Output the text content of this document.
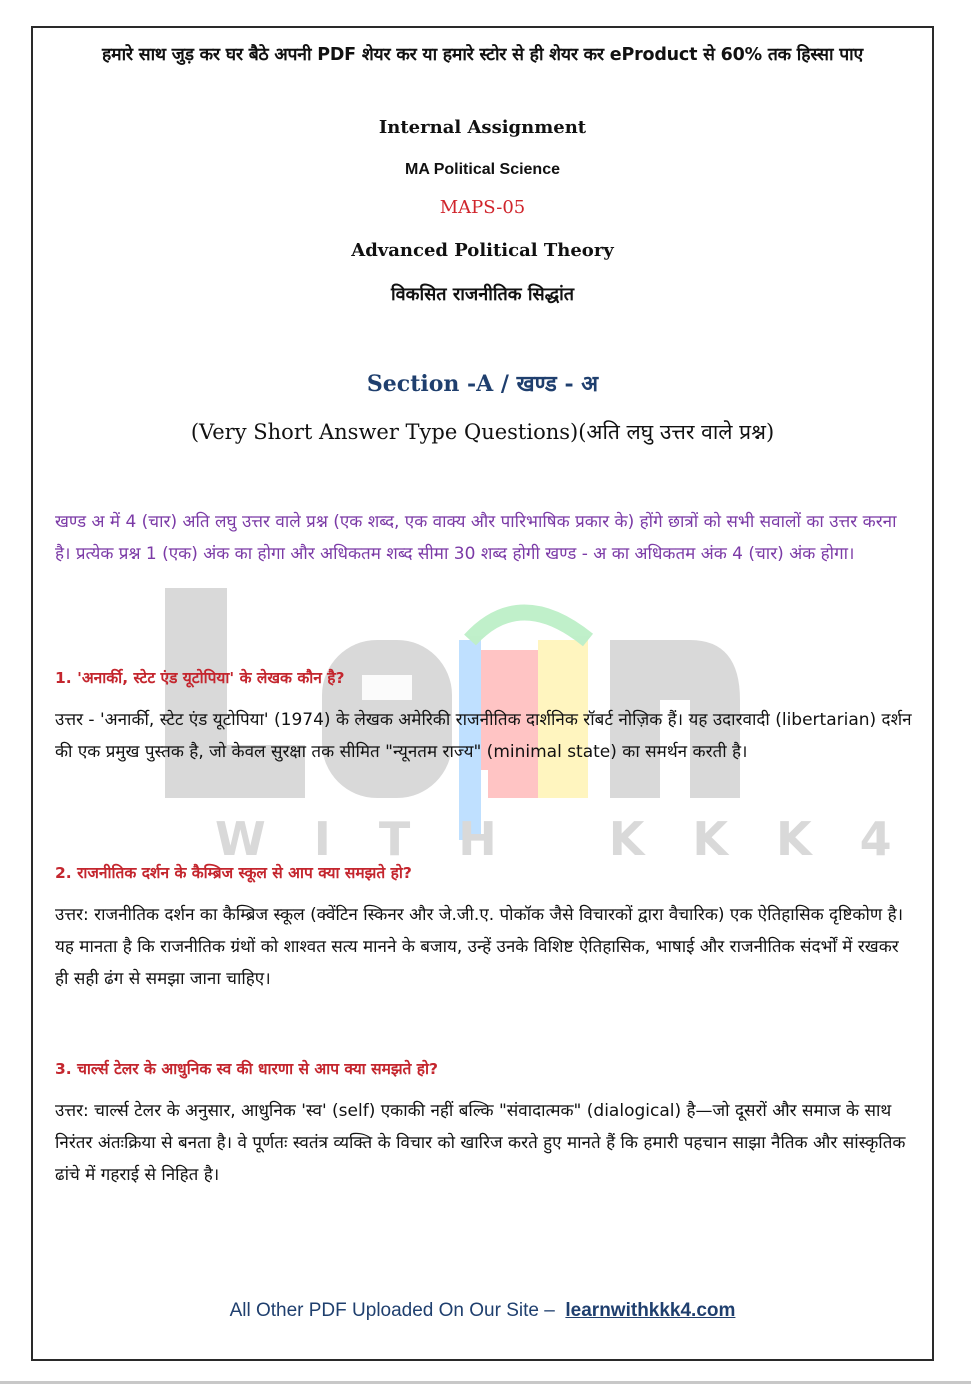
WITH KKK4
हमारे साथ जुड़ कर घर बैठे अपनी PDF शेयर कर या हमारे स्टोर से ही शेयर कर eProduct से 60% तक हिस्सा पाए
Internal Assignment
MA Political Science
MAPS-05
Advanced Political Theory
विकसित राजनीतिक सिद्धांत
Section -A / खण्ड - अ
(Very Short Answer Type Questions)(अति लघु उत्तर वाले प्रश्न)
खण्ड अ में 4 (चार) अति लघु उत्तर वाले प्रश्न (एक शब्द, एक वाक्य और पारिभाषिक प्रकार के) होंगे छात्रों को सभी सवालों का उत्तर करना है। प्रत्येक प्रश्न 1 (एक) अंक का होगा और अधिकतम शब्द सीमा 30 शब्द होगी खण्ड - अ का अधिकतम अंक 4 (चार) अंक होगा।
1. 'अनार्की, स्टेट एंड यूटोपिया' के लेखक कौन है?
उत्तर - 'अनार्की, स्टेट एंड यूटोपिया' (1974) के लेखक अमेरिकी राजनीतिक दार्शनिक रॉबर्ट नोज़िक हैं। यह उदारवादी (libertarian) दर्शन की एक प्रमुख पुस्तक है, जो केवल सुरक्षा तक सीमित "न्यूनतम राज्य" (minimal state) का समर्थन करती है।
2. राजनीतिक दर्शन के कैम्ब्रिज स्कूल से आप क्या समझते हो?
उत्तर: राजनीतिक दर्शन का कैम्ब्रिज स्कूल (क्वेंटिन स्किनर और जे.जी.ए. पोकॉक जैसे विचारकों द्वारा वैचारिक) एक ऐतिहासिक दृष्टिकोण है। यह मानता है कि राजनीतिक ग्रंथों को शाश्वत सत्य मानने के बजाय, उन्हें उनके विशिष्ट ऐतिहासिक, भाषाई और राजनीतिक संदर्भों में रखकर ही सही ढंग से समझा जाना चाहिए।
3. चार्ल्स टेलर के आधुनिक स्व की धारणा से आप क्या समझते हो?
उत्तर: चार्ल्स टेलर के अनुसार, आधुनिक 'स्व' (self) एकाकी नहीं बल्कि "संवादात्मक" (dialogical) है—जो दूसरों और समाज के साथ निरंतर अंतःक्रिया से बनता है। वे पूर्णतः स्वतंत्र व्यक्ति के विचार को खारिज करते हुए मानते हैं कि हमारी पहचान साझा नैतिक और सांस्कृतिक ढांचे में गहराई से निहित है।
All Other PDF Uploaded On Our Site – learnwithkkk4.com
